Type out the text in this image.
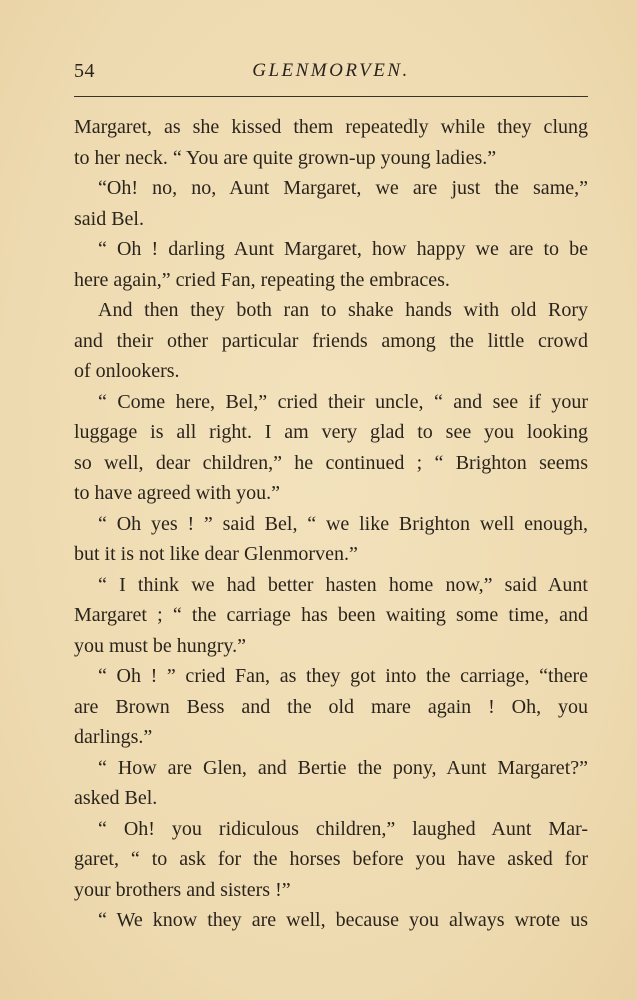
54	GLENMORVEN.
Margaret, as she kissed them repeatedly while they clung
to her neck. “ You are quite grown-up young ladies.”
“Oh! no, no, Aunt Margaret, we are just the same,”
said Bel.
“ Oh ! darling Aunt Margaret, how happy we are to be
here again,” cried Fan, repeating the embraces.
And then they both ran to shake hands with old Rory
and their other particular friends among the little crowd
of onlookers.
“ Come here, Bel,” cried their uncle, “ and see if your
luggage is all right. I am very glad to see you looking
so well, dear children,” he continued ; “ Brighton seems
to have agreed with you.”
“ Oh yes ! ” said Bel, “ we like Brighton well enough,
but it is not like dear Glenmorven.”
“ I think we had better hasten home now,” said Aunt
Margaret ; “ the carriage has been waiting some time, and
you must be hungry.”
“ Oh ! ” cried Fan, as they got into the carriage, “there
are Brown Bess and the old mare again ! Oh, you
darlings.”
“ How are Glen, and Bertie the pony, Aunt Margaret?”
asked Bel.
“ Oh! you ridiculous children,” laughed Aunt Mar-
garet, “ to ask for the horses before you have asked for
your brothers and sisters !”
“ We know they are well, because you always wrote us
